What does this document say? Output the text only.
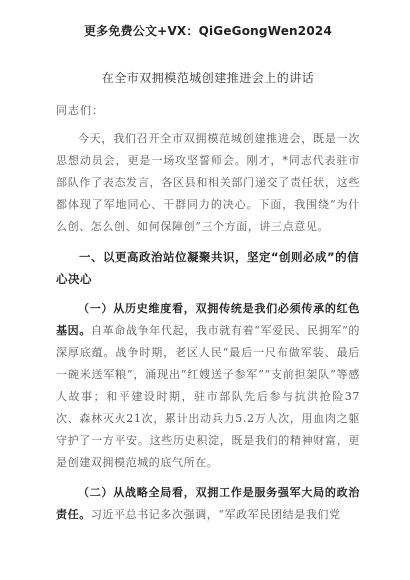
更多免费公文+VX：QiGeGongWen2024
在全市双拥模范城创建推进会上的讲话
同志们：

今天，我们召开全市双拥模范城创建推进会，既是一次思想动员会，更是一场攻坚誓师会。刚才，*同志代表驻市部队作了表态发言，各区县和相关部门递交了责任状，这些都体现了军地同心、干群同力的决心。下面，我围绕“为什么创、怎么创、如何保障创”三个方面，讲三点意见。

一、以更高政治站位凝聚共识，坚定“创则必成”的信心决心

（一）从历史维度看，双拥传统是我们必须传承的红色基因。自革命战争年代起，我市就有着“军爱民、民拥军”的深厚底蕴。战争时期，老区人民“最后一尺布做军装、最后一碗米送军粮”，涌现出“红嫂送子参军”“支前担架队”等感人故事；和平建设时期，驻市部队先后参与抗洪抢险37次、森林灭火21次，累计出动兵力5.2万人次，用血肉之躯守护了一方平安。这些历史积淀，既是我们的精神财富，更是创建双拥模范城的底气所在。

（二）从战略全局看，双拥工作是服务强军大局的政治责任。习近平总书记多次强调，“军政军民团结是我们党
